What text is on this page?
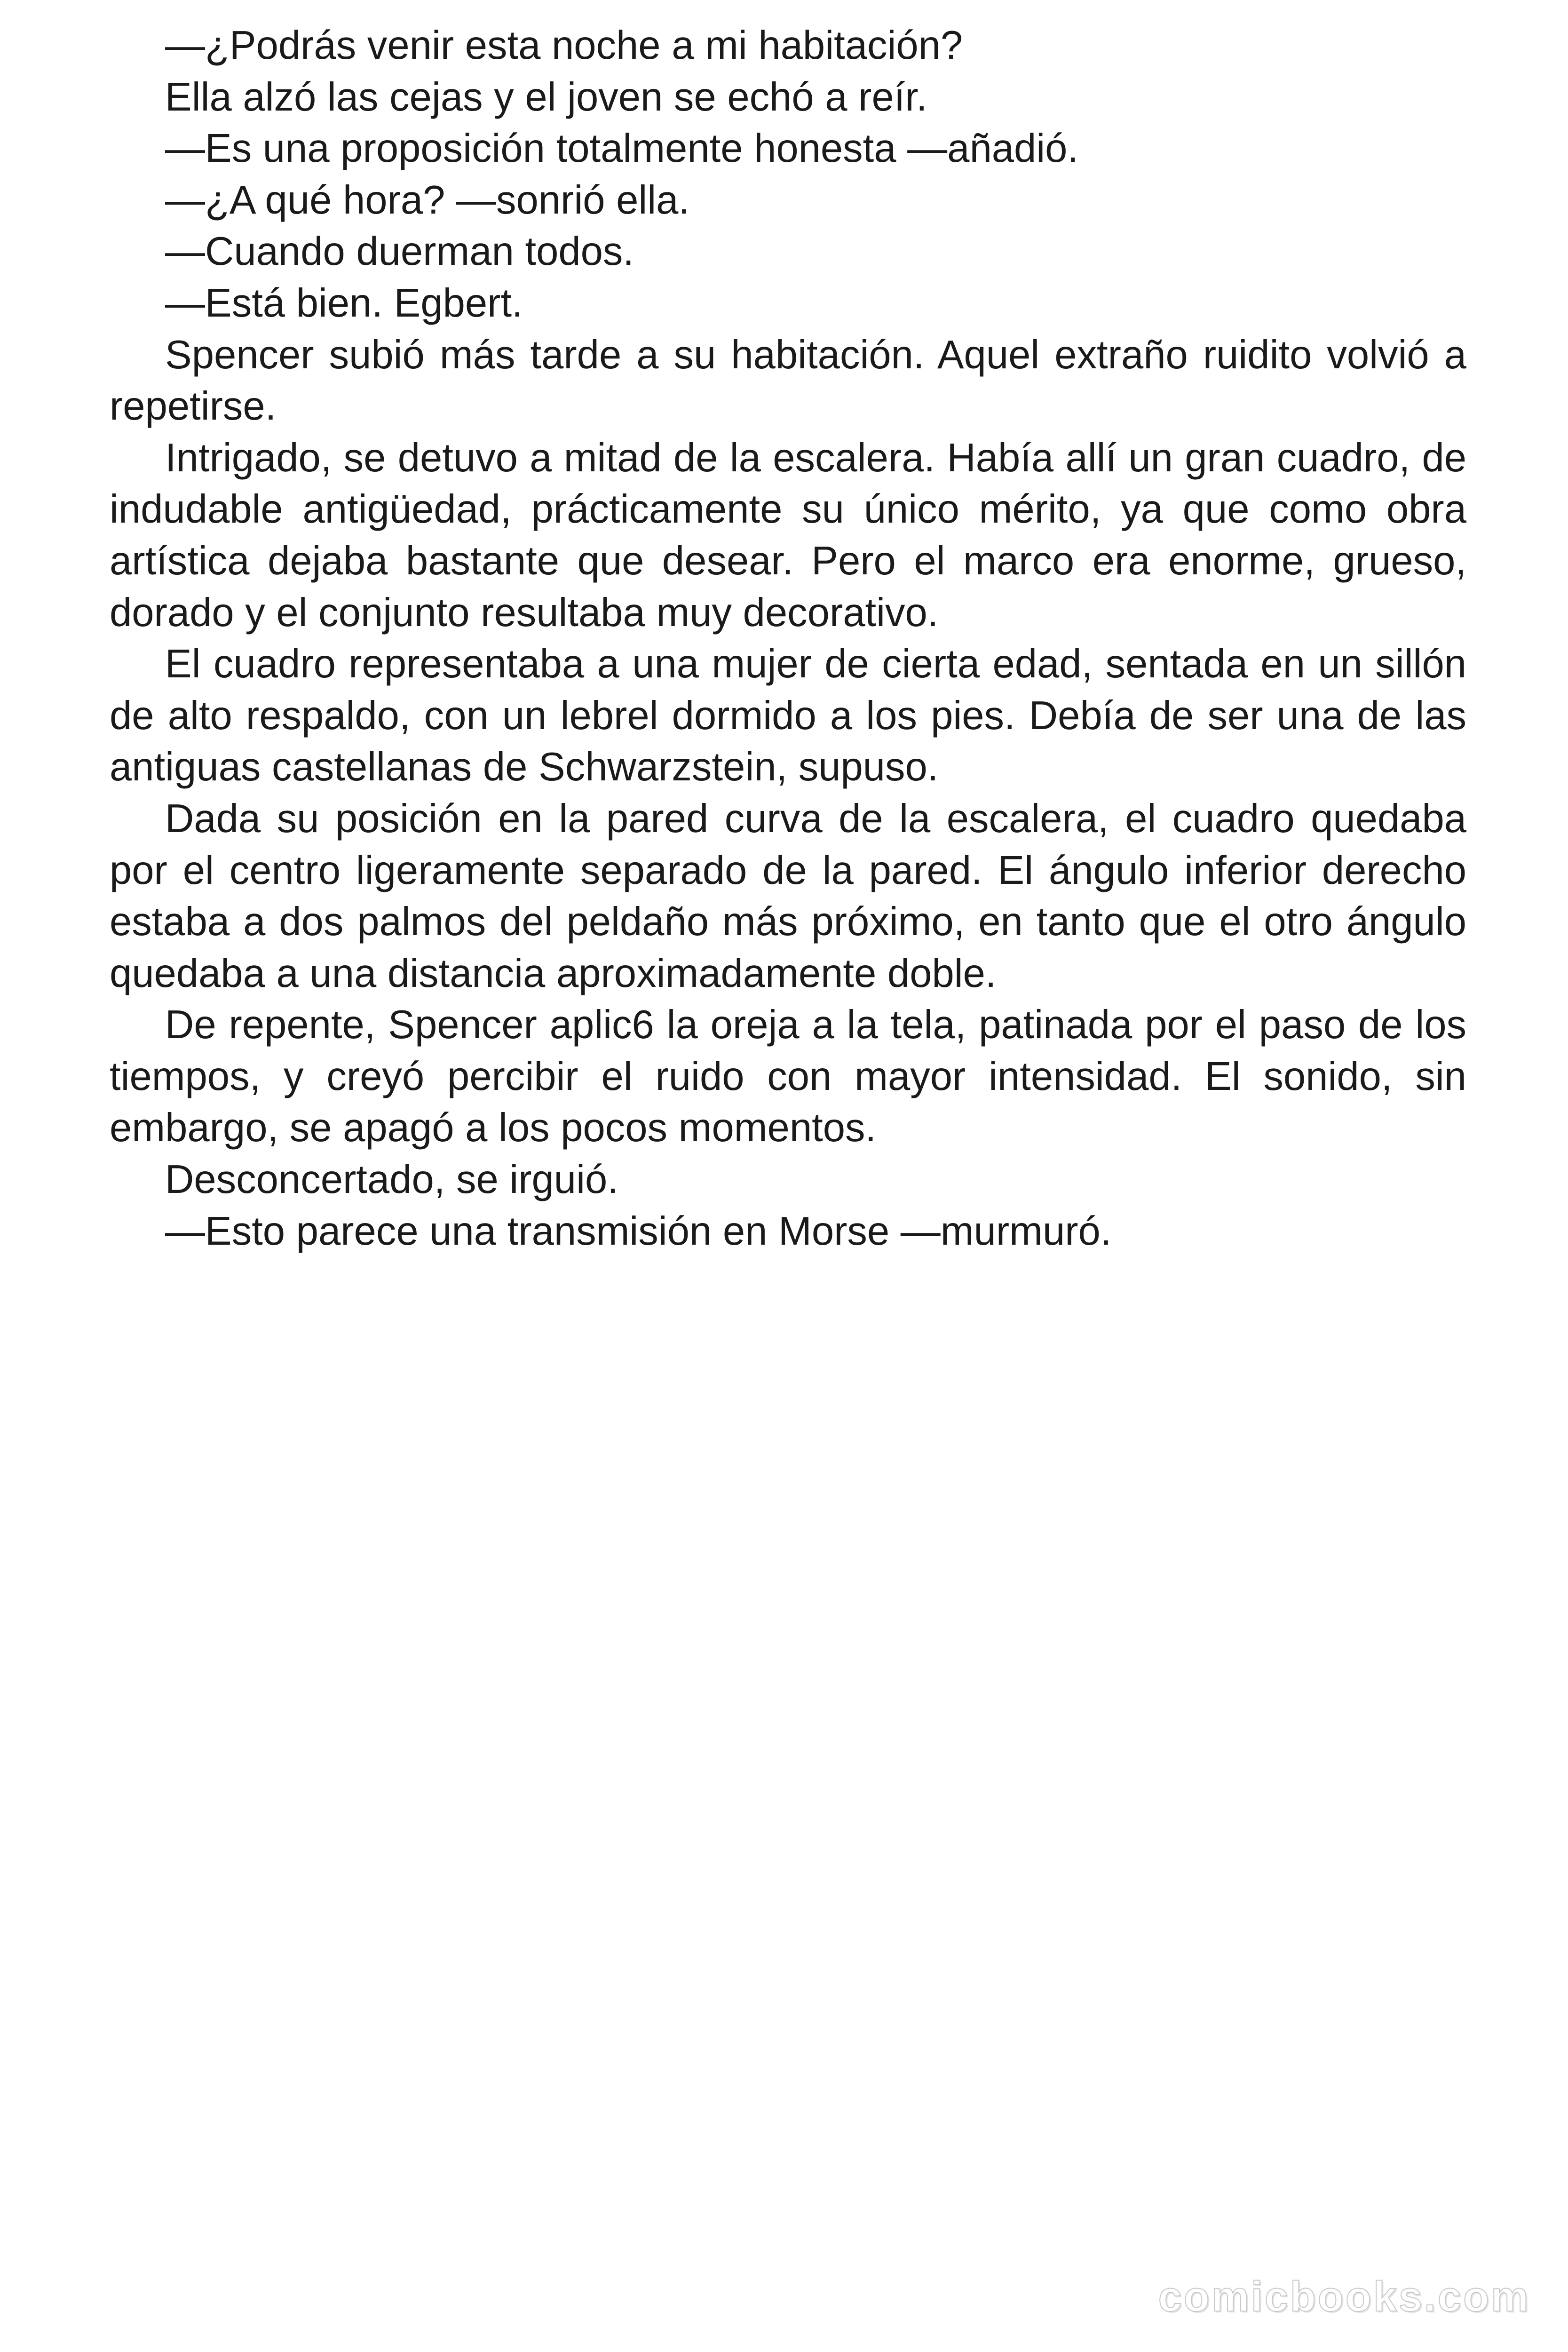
—¿Podrás venir esta noche a mi habitación?

Ella alzó las cejas y el joven se echó a reír.

—Es una proposición totalmente honesta —añadió.

—¿A qué hora? —sonrió ella.

—Cuando duerman todos.

—Está bien. Egbert.

Spencer subió más tarde a su habitación. Aquel extraño ruidito volvió a repetirse.

Intrigado, se detuvo a mitad de la escalera. Había allí un gran cuadro, de indudable antigüedad, prácticamente su único mérito, ya que como obra artística dejaba bastante que desear. Pero el marco era enorme, grueso, dorado y el conjunto resultaba muy decorativo.

El cuadro representaba a una mujer de cierta edad, sentada en un sillón de alto respaldo, con un lebrel dormido a los pies. Debía de ser una de las antiguas castellanas de Schwarzstein, supuso.

Dada su posición en la pared curva de la escalera, el cuadro quedaba por el centro ligeramente separado de la pared. El ángulo inferior derecho estaba a dos palmos del peldaño más próximo, en tanto que el otro ángulo quedaba a una distancia aproximadamente doble.

De repente, Spencer aplic6 la oreja a la tela, patinada por el paso de los tiempos, y creyó percibir el ruido con mayor intensidad. El sonido, sin embargo, se apagó a los pocos momentos.

Desconcertado, se irguió.

—Esto parece una transmisión en Morse —murmuró.

comicbooks.com
